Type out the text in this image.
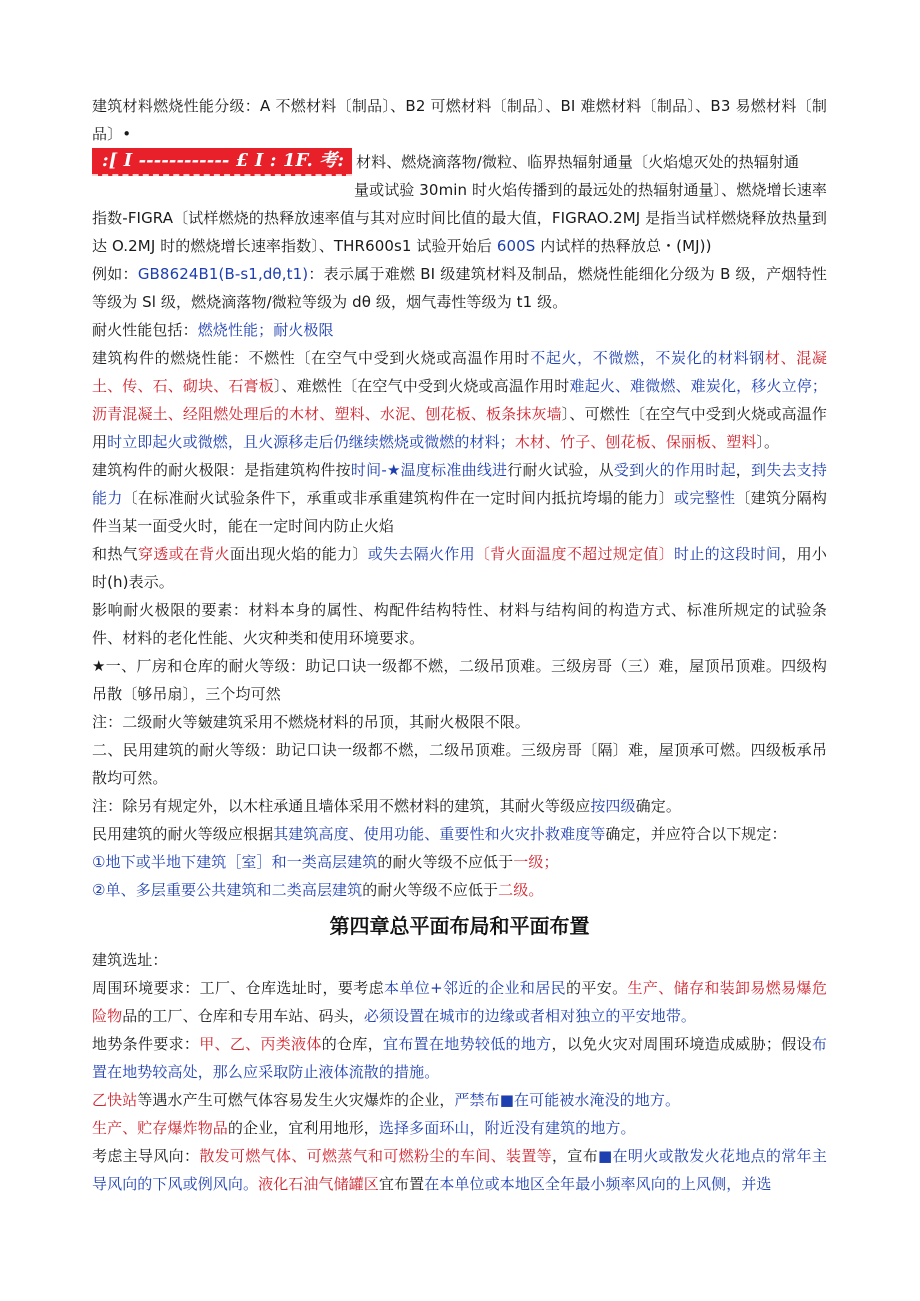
建筑材料燃烧性能分级：A 不燃材料〔制品〕、B2 可燃材料〔制品〕、BI 难燃材料〔制品〕、B3 易燃材料〔制品〕•

:[ I ------------ £ I : 1F. 考: 材料、燃烧滴落物/微粒、临界热辐射通量〔火焰熄灭处的热辐射通

量或试验 30min 时火焰传播到的最远处的热辐射通量〕、燃烧增长速率指数-FIGRA〔试样燃烧的热释放速率值与其对应时间比值的最大值，FIGRAO.2MJ 是指当试样燃烧释放热量到达 O.2MJ 时的燃烧增长速率指数〕、THR600s1 试验开始后 600S 内试样的热释放总・(MJ))

例如：GB8624B1(B-s1,dθ,t1)：表示属于难燃 BI 级建筑材料及制品，燃烧性能细化分级为 B 级，产烟特性等级为 Sl 级，燃烧滴落物/微粒等级为 dθ 级，烟气毒性等级为 t1 级。

耐火性能包括：燃烧性能；耐火极限

建筑构件的燃烧性能：不燃性〔在空气中受到火烧或高温作用时不起火，不微燃，不炭化的材料钢材、混凝土、传、石、砌块、石膏板〕、难燃性〔在空气中受到火烧或高温作用时难起火、难微燃、难炭化，移火立停；沥青混凝土、经阻燃处理后的木材、塑料、水泥、刨花板、板条抹灰墙〕、可燃性〔在空气中受到火烧或高温作用时立即起火或微燃，且火源移走后仍继续燃烧或微燃的材料；木材、竹子、刨花板、保丽板、塑料〕。

建筑构件的耐火极限：是指建筑构件按时间-★温度标准曲线进行耐火试验，从受到火的作用时起，到失去支持能力〔在标准耐火试验条件下，承重或非承重建筑构件在一定时间内抵抗垮塌的能力〕或完整性〔建筑分隔构件当某一面受火时，能在一定时间内防止火焰

和热气穿透或在背火面出现火焰的能力〕或失去隔火作用〔背火面温度不超过规定值〕时止的这段时间，用小时(h)表示。

影响耐火极限的要素：材料本身的属性、构配件结构特性、材料与结构间的构造方式、标准所规定的试验条件、材料的老化性能、火灾种类和使用环境要求。

★一、厂房和仓库的耐火等级：助记口诀一级都不燃，二级吊顶难。三级房哥（三）难，屋顶吊顶难。四级构吊散〔够吊扇〕，三个均可然

注：二级耐火等皴建筑采用不燃烧材料的吊顶，其耐火极限不限。

二、民用建筑的耐火等级：助记口诀一级都不燃，二级吊顶难。三级房哥〔隔〕难，屋顶承可燃。四级板承吊散均可然。

注：除另有规定外，以木柱承通且墙体采用不燃材料的建筑，其耐火等级应按四级确定。

民用建筑的耐火等级应根据其建筑高度、使用功能、重要性和火灾扑救难度等确定，并应符合以下规定：

①地下或半地下建筑［室］和一类高层建筑的耐火等级不应低于一级；

②单、多层重要公共建筑和二类高层建筑的耐火等级不应低于二级。

第四章总平面布局和平面布置

建筑选址：

周围环境要求：工厂、仓库选址时，要考虑本单位+邻近的企业和居民的平安。生产、储存和装卸易燃易爆危险物品的工厂、仓库和专用车站、码头，必须设置在城市的边缘或者相对独立的平安地带。

地势条件要求：甲、乙、丙类液体的仓库，宜布置在地势较低的地方，以免火灾对周围环境造成威胁；假设布置在地势较高处，那么应采取防止液体流散的措施。

乙快站等遇水产生可燃气体容易发生火灾爆炸的企业，严禁布■在可能被水淹没的地方。

生产、贮存爆炸物品的企业，宜利用地形，选择多面环山，附近没有建筑的地方。

考虑主导风向：散发可燃气体、可燃蒸气和可燃粉尘的车间、装置等，宣布■在明火或散发火花地点的常年主导风向的下风或例风向。液化石油气储罐区宜布置在本单位或本地区全年最小频率风向的上风侧，并选
